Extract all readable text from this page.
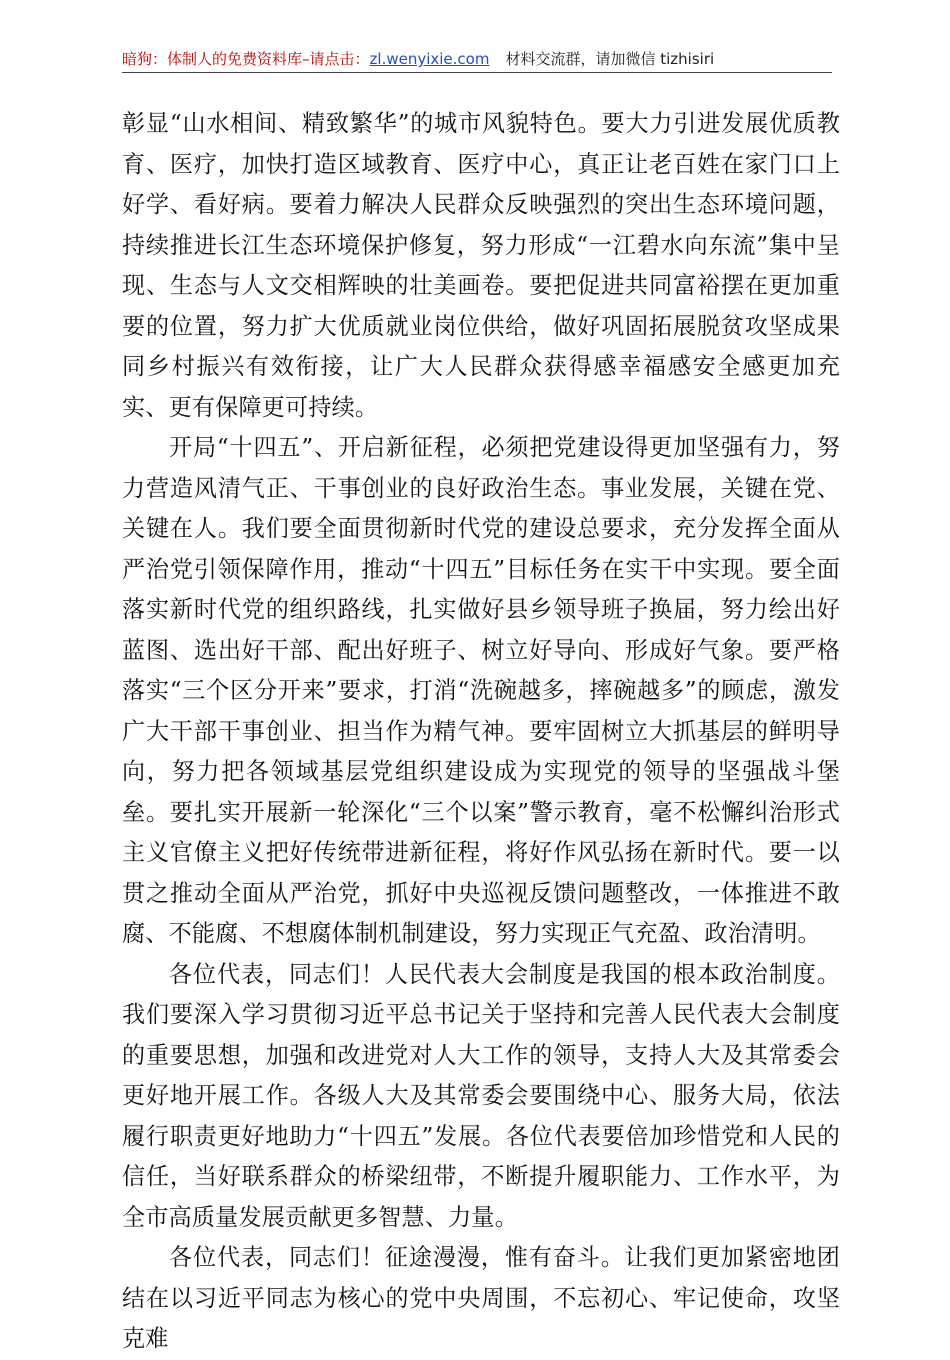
暗狗：体制人的免费资料库–请点击：zl.wenyixie.com 材料交流群，请加微信 tizhisiri

彰显“山水相间、精致繁华”的城市风貌特色。要大力引进发展优质教育、医疗，加快打造区域教育、医疗中心，真正让老百姓在家门口上好学、看好病。要着力解决人民群众反映强烈的突出生态环境问题，持续推进长江生态环境保护修复，努力形成“一江碧水向东流”集中呈现、生态与人文交相辉映的壮美画卷。要把促进共同富裕摆在更加重要的位置，努力扩大优质就业岗位供给，做好巩固拓展脱贫攻坚成果同乡村振兴有效衔接，让广大人民群众获得感幸福感安全感更加充实、更有保障更可持续。

开局“十四五”、开启新征程，必须把党建设得更加坚强有力，努力营造风清气正、干事创业的良好政治生态。事业发展，关键在党、关键在人。我们要全面贯彻新时代党的建设总要求，充分发挥全面从严治党引领保障作用，推动“十四五”目标任务在实干中实现。要全面落实新时代党的组织路线，扎实做好县乡领导班子换届，努力绘出好蓝图、选出好干部、配出好班子、树立好导向、形成好气象。要严格落实“三个区分开来”要求，打消“洗碗越多，摔碗越多”的顾虑，激发广大干部干事创业、担当作为精气神。要牢固树立大抓基层的鲜明导向，努力把各领域基层党组织建设成为实现党的领导的坚强战斗堡垒。要扎实开展新一轮深化“三个以案”警示教育，毫不松懈纠治形式主义官僚主义把好传统带进新征程，将好作风弘扬在新时代。要一以贯之推动全面从严治党，抓好中央巡视反馈问题整改，一体推进不敢腐、不能腐、不想腐体制机制建设，努力实现正气充盈、政治清明。

各位代表，同志们！人民代表大会制度是我国的根本政治制度。我们要深入学习贯彻习近平总书记关于坚持和完善人民代表大会制度的重要思想，加强和改进党对人大工作的领导，支持人大及其常委会更好地开展工作。各级人大及其常委会要围绕中心、服务大局，依法履行职责更好地助力“十四五”发展。各位代表要倍加珍惜党和人民的信任，当好联系群众的桥梁纽带，不断提升履职能力、工作水平，为全市高质量发展贡献更多智慧、力量。

各位代表，同志们！征途漫漫，惟有奋斗。让我们更加紧密地团结在以习近平同志为核心的党中央周围，不忘初心、牢记使命，攻坚克难
